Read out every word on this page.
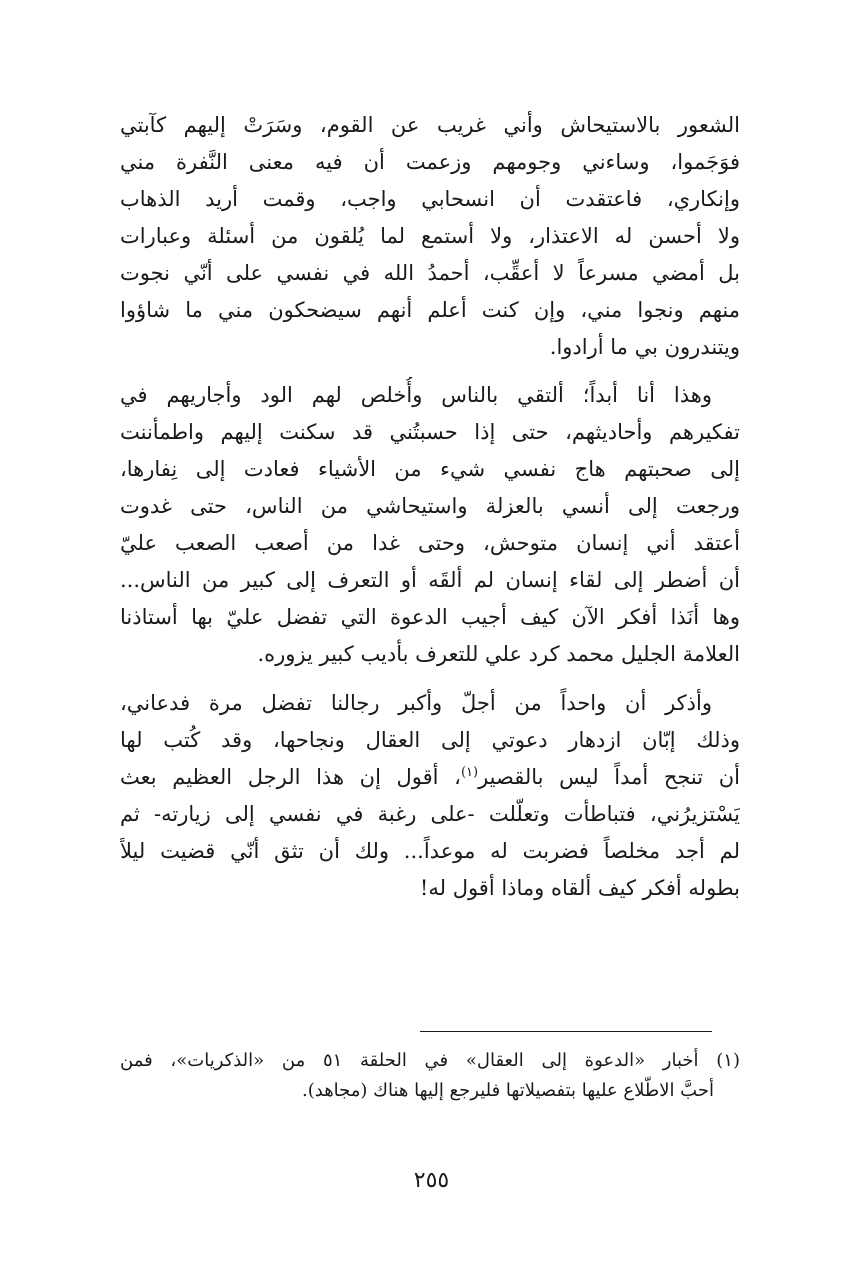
الشعور بالاستيحاش وأني غريب عن القوم، وسَرَتْ إليهم كآبتي
فوَجَموا، وساءني وجومهم وزعمت أن فيه معنى النَّفرة مني
وإنكاري، فاعتقدت أن انسحابي واجب، وقمت أريد الذهاب
ولا أحسن له الاعتذار، ولا أستمع لما يُلقون من أسئلة وعبارات
بل أمضي مسرعاً لا أعقِّب، أحمدُ الله في نفسي على أنّي نجوت
منهم ونجوا مني، وإن كنت أعلم أنهم سيضحكون مني ما شاؤوا
ويتندرون بي ما أرادوا.
وهذا أنا أبداً؛ ألتقي بالناس وأُخلص لهم الود وأجاريهم في
تفكيرهم وأحاديثهم، حتى إذا حسبتُني قد سكنت إليهم واطمأننت
إلى صحبتهم هاج نفسي شيء من الأشياء فعادت إلى نِفارها،
ورجعت إلى أنسي بالعزلة واستيحاشي من الناس، حتى غدوت
أعتقد أني إنسان متوحش، وحتى غدا من أصعب الصعب عليّ
أن أضطر إلى لقاء إنسان لم ألقَه أو التعرف إلى كبير من الناس...
وها أنَذا أفكر الآن كيف أجيب الدعوة التي تفضل عليّ بها أستاذنا
العلامة الجليل محمد كرد علي للتعرف بأديب كبير يزوره.
وأذكر أن واحداً من أجلّ وأكبر رجالنا تفضل مرة فدعاني،
وذلك إبّان ازدهار دعوتي إلى العقال ونجاحها، وقد كُتب لها
أن تنجح أمداً ليس بالقصير$^{(١)}$، أقول إن هذا الرجل العظيم بعث
يَسْتزيرُني، فتباطأت وتعلّلت -على رغبة في نفسي إلى زيارته- ثم
لم أجد مخلصاً فضربت له موعداً... ولك أن تثق أنّي قضيت ليلاً
بطوله أفكر كيف ألقاه وماذا أقول له!
(١) أخبار «الدعوة إلى العقال» في الحلقة ٥١ من «الذكريات»، فمن
أحبَّ الاطّلاع عليها بتفصيلاتها فليرجع إليها هناك (مجاهد).
٢٥٥
